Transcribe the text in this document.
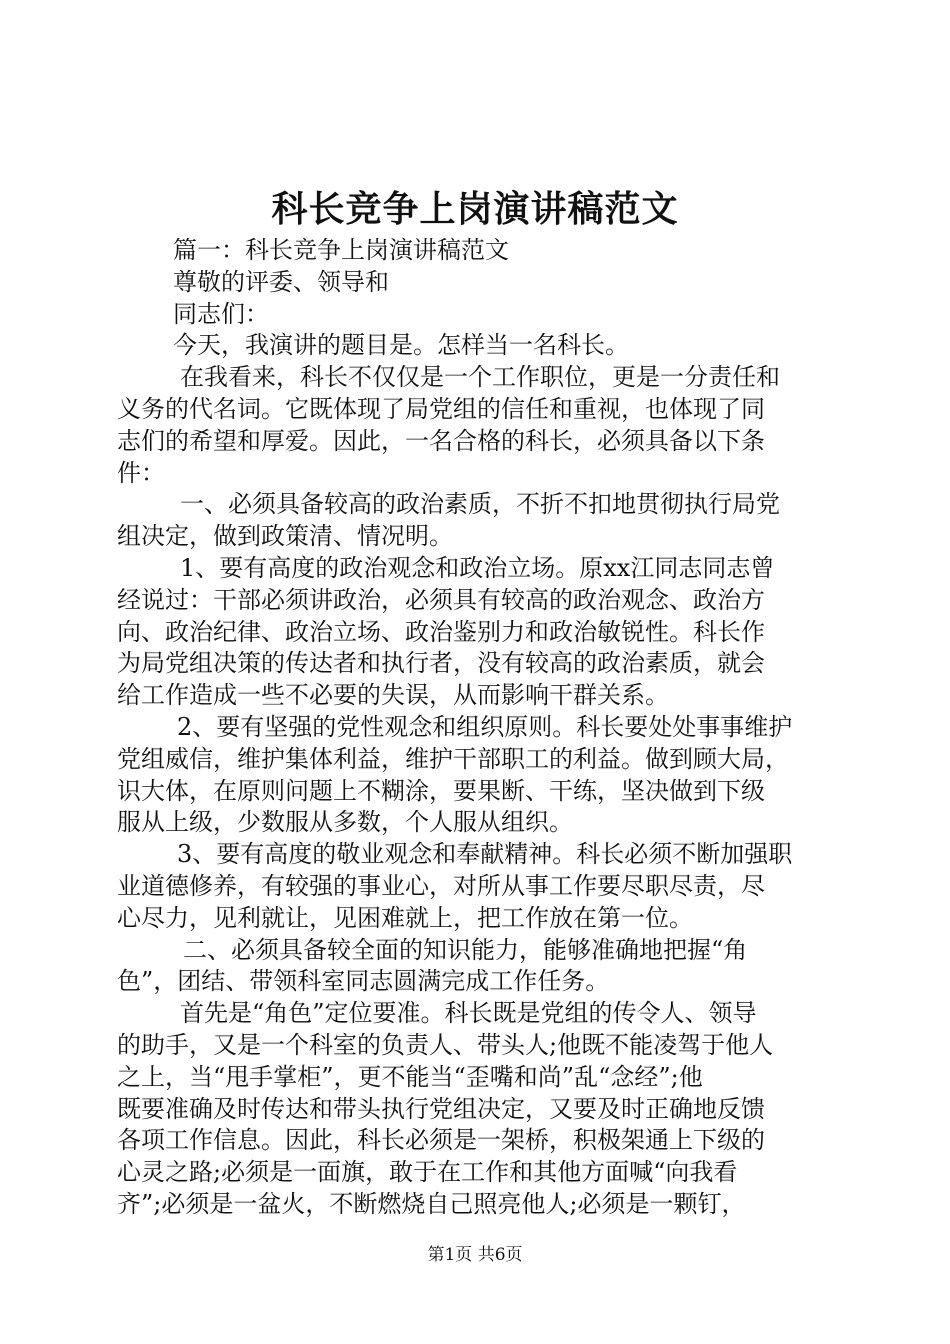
科长竞争上岗演讲稿范文
篇一：科长竞争上岗演讲稿范文
尊敬的评委、领导和
同志们：
今天，我演讲的题目是。怎样当一名科长。
在我看来，科长不仅仅是一个工作职位，更是一分责任和
义务的代名词。它既体现了局党组的信任和重视，也体现了同
志们的希望和厚爱。因此，一名合格的科长，必须具备以下条
件：
一、必须具备较高的政治素质，不折不扣地贯彻执行局党
组决定，做到政策清、情况明。
1、要有高度的政治观念和政治立场。原xx江同志同志曾
经说过：干部必须讲政治，必须具有较高的政治观念、政治方
向、政治纪律、政治立场、政治鉴别力和政治敏锐性。科长作
为局党组决策的传达者和执行者，没有较高的政治素质，就会
给工作造成一些不必要的失误，从而影响干群关系。
2、要有坚强的党性观念和组织原则。科长要处处事事维护
党组威信，维护集体利益，维护干部职工的利益。做到顾大局，
识大体，在原则问题上不糊涂，要果断、干练，坚决做到下级
服从上级，少数服从多数，个人服从组织。
3、要有高度的敬业观念和奉献精神。科长必须不断加强职
业道德修养，有较强的事业心，对所从事工作要尽职尽责，尽
心尽力，见利就让，见困难就上，把工作放在第一位。
二、必须具备较全面的知识能力，能够准确地把握“角
色”，团结、带领科室同志圆满完成工作任务。
首先是“角色”定位要准。科长既是党组的传令人、领导
的助手，又是一个科室的负责人、带头人;他既不能凌驾于他人
之上，当“甩手掌柜”，更不能当“歪嘴和尚”乱“念经”;他
既要准确及时传达和带头执行党组决定，又要及时正确地反馈
各项工作信息。因此，科长必须是一架桥，积极架通上下级的
心灵之路;必须是一面旗，敢于在工作和其他方面喊“向我看
齐”;必须是一盆火，不断燃烧自己照亮他人;必须是一颗钉，
第1页 共6页
